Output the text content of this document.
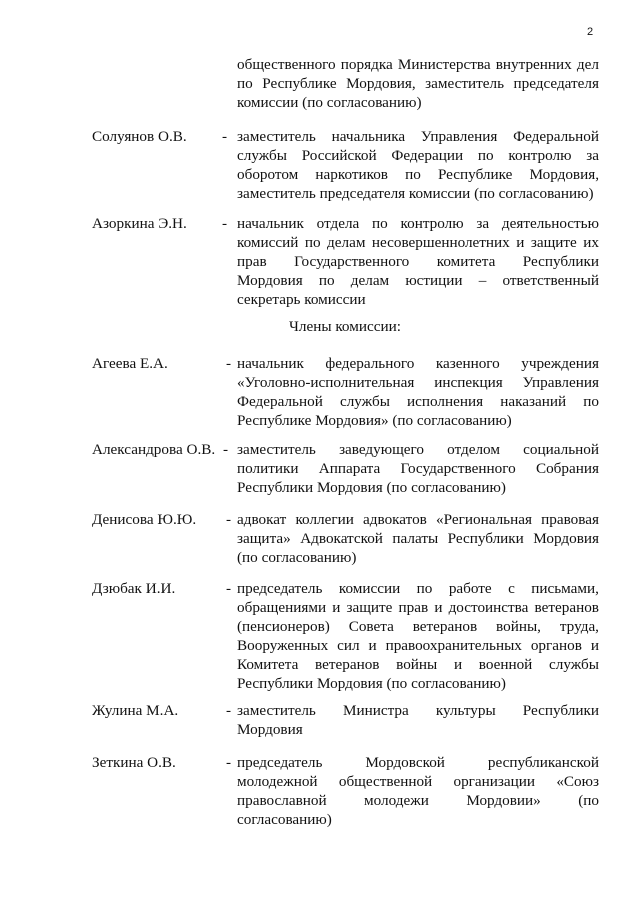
2
общественного порядка Министерства внутренних дел
по Республике Мордовия, заместитель председателя
комиссии (по согласованию)
Члены комиссии:
Солуянов О.В. - заместитель начальника Управления Федеральной
службы Российской Федерации по контролю за
оборотом наркотиков по Республике Мордовия,
заместитель председателя комиссии (по согласованию)
Азоркина Э.Н. - начальник отдела по контролю за деятельностью
комиссий по делам несовершеннолетних и защите их
прав Государственного комитета Республики
Мордовия по делам юстиции – ответственный
секретарь комиссии
Агеева Е.А.	- начальник федерального казенного учреждения
«Уголовно-исполнительная инспекция Управления
Федеральной службы исполнения наказаний по
Республике Мордовия» (по согласованию)
Александрова О.В. - заместитель заведующего отделом социальной
политики Аппарата Государственного Собрания
Республики Мордовия (по согласованию)
Денисова Ю.Ю. - адвокат коллегии адвокатов «Региональная правовая
защита» Адвокатской палаты Республики Мордовия
(по согласованию)
Дзюбак И.И.	- председатель комиссии по работе с письмами,
обращениями и защите прав и достоинства ветеранов
(пенсионеров) Совета ветеранов войны, труда,
Вооруженных сил и правоохранительных органов и
Комитета ветеранов войны и военной службы
Республики Мордовия (по согласованию)
Жулина М.А.	- заместитель Министра культуры Республики
Мордовия
Зеткина О.В.	- председатель	Мордовской	республиканской
молодежной общественной организации «Союз
православной молодежи Мордовии» (по
согласованию)
